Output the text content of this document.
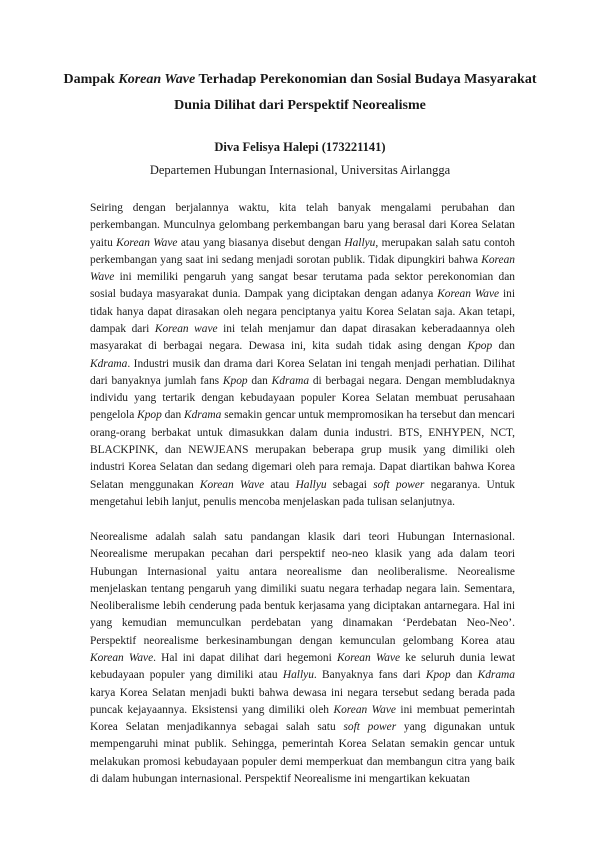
Dampak Korean Wave Terhadap Perekonomian dan Sosial Budaya Masyarakat Dunia Dilihat dari Perspektif Neorealisme
Diva Felisya Halepi (173221141)
Departemen Hubungan Internasional, Universitas Airlangga

Seiring dengan berjalannya waktu, kita telah banyak mengalami perubahan dan perkembangan. Munculnya gelombang perkembangan baru yang berasal dari Korea Selatan yaitu Korean Wave atau yang biasanya disebut dengan Hallyu, merupakan salah satu contoh perkembangan yang saat ini sedang menjadi sorotan publik. Tidak dipungkiri bahwa Korean Wave ini memiliki pengaruh yang sangat besar terutama pada sektor perekonomian dan sosial budaya masyarakat dunia. Dampak yang diciptakan dengan adanya Korean Wave ini tidak hanya dapat dirasakan oleh negara penciptanya yaitu Korea Selatan saja. Akan tetapi, dampak dari Korean wave ini telah menjamur dan dapat dirasakan keberadaannya oleh masyarakat di berbagai negara. Dewasa ini, kita sudah tidak asing dengan Kpop dan Kdrama. Industri musik dan drama dari Korea Selatan ini tengah menjadi perhatian. Dilihat dari banyaknya jumlah fans Kpop dan Kdrama di berbagai negara. Dengan membludaknya individu yang tertarik dengan kebudayaan populer Korea Selatan membuat perusahaan pengelola Kpop dan Kdrama semakin gencar untuk mempromosikan ha tersebut dan mencari orang-orang berbakat untuk dimasukkan dalam dunia industri. BTS, ENHYPEN, NCT, BLACKPINK, dan NEWJEANS merupakan beberapa grup musik yang dimiliki oleh industri Korea Selatan dan sedang digemari oleh para remaja. Dapat diartikan bahwa Korea Selatan menggunakan Korean Wave atau Hallyu sebagai soft power negaranya. Untuk mengetahui lebih lanjut, penulis mencoba menjelaskan pada tulisan selanjutnya.

Neorealisme adalah salah satu pandangan klasik dari teori Hubungan Internasional. Neorealisme merupakan pecahan dari perspektif neo-neo klasik yang ada dalam teori Hubungan Internasional yaitu antara neorealisme dan neoliberalisme. Neorealisme menjelaskan tentang pengaruh yang dimiliki suatu negara terhadap negara lain. Sementara, Neoliberalisme lebih cenderung pada bentuk kerjasama yang diciptakan antarnegara. Hal ini yang kemudian memunculkan perdebatan yang dinamakan ‘Perdebatan Neo-Neo’. Perspektif neorealisme berkesinambungan dengan kemunculan gelombang Korea atau Korean Wave. Hal ini dapat dilihat dari hegemoni Korean Wave ke seluruh dunia lewat kebudayaan populer yang dimiliki atau Hallyu. Banyaknya fans dari Kpop dan Kdrama karya Korea Selatan menjadi bukti bahwa dewasa ini negara tersebut sedang berada pada puncak kejayaannya. Eksistensi yang dimiliki oleh Korean Wave ini membuat pemerintah Korea Selatan menjadikannya sebagai salah satu soft power yang digunakan untuk mempengaruhi minat publik. Sehingga, pemerintah Korea Selatan semakin gencar untuk melakukan promosi kebudayaan populer demi memperkuat dan membangun citra yang baik di dalam hubungan internasional. Perspektif Neorealisme ini mengartikan kekuatan
